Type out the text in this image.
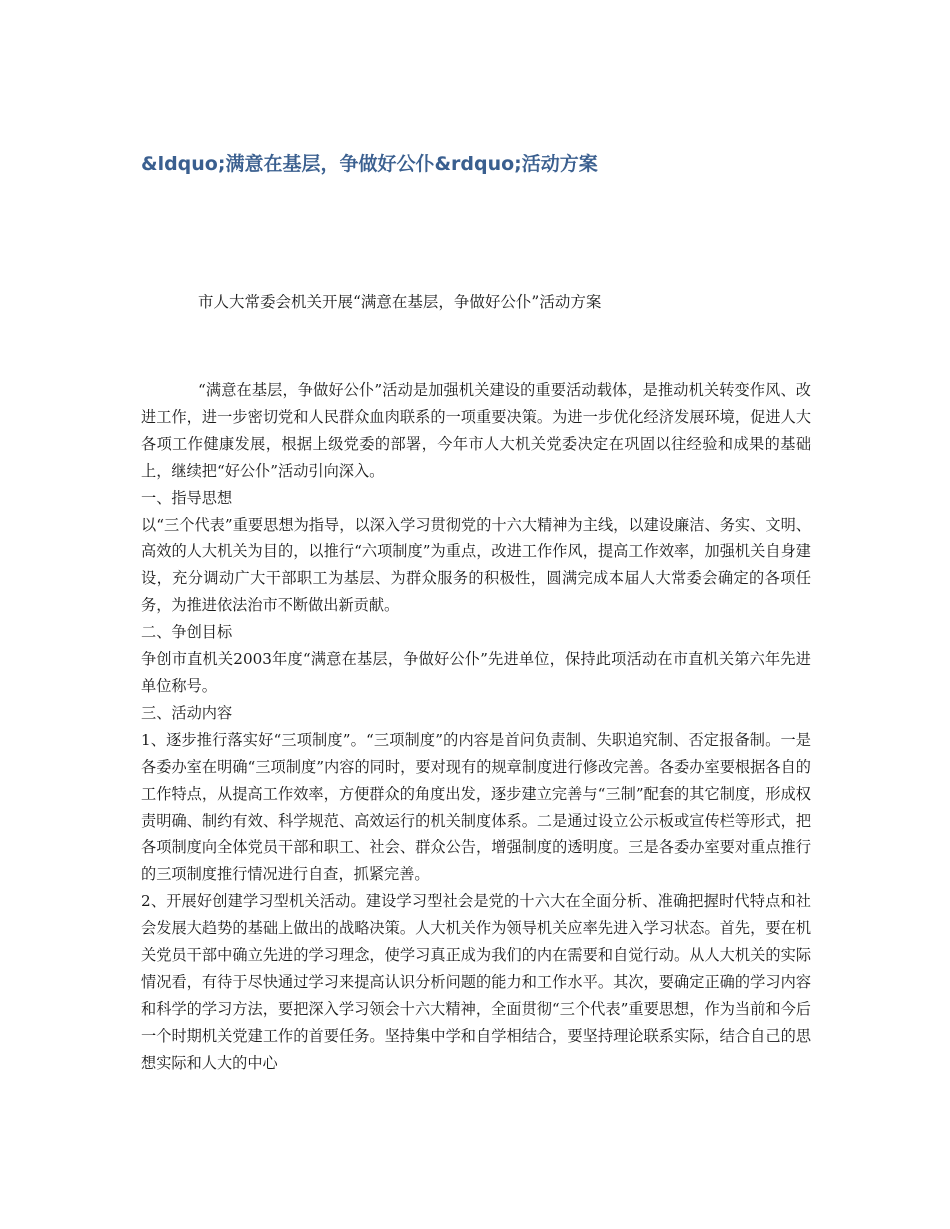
&ldquo;满意在基层，争做好公仆&rdquo;活动方案
市人大常委会机关开展“满意在基层，争做好公仆”活动方案

“满意在基层，争做好公仆”活动是加强机关建设的重要活动载体，是推动机关转变作风、改进工作，进一步密切党和人民群众血肉联系的一项重要决策。为进一步优化经济发展环境，促进人大各项工作健康发展，根据上级党委的部署，今年市人大机关党委决定在巩固以往经验和成果的基础上，继续把“好公仆”活动引向深入。

一、指导思想

以“三个代表”重要思想为指导，以深入学习贯彻党的十六大精神为主线，以建设廉洁、务实、文明、高效的人大机关为目的，以推行“六项制度”为重点，改进工作作风，提高工作效率，加强机关自身建设，充分调动广大干部职工为基层、为群众服务的积极性，圆满完成本届人大常委会确定的各项任务，为推进依法治市不断做出新贡献。

二、争创目标

争创市直机关2003年度“满意在基层，争做好公仆”先进单位，保持此项活动在市直机关第六年先进单位称号。

三、活动内容

1、逐步推行落实好“三项制度”。“三项制度”的内容是首问负责制、失职追究制、否定报备制。一是各委办室在明确“三项制度”内容的同时，要对现有的规章制度进行修改完善。各委办室要根据各自的工作特点，从提高工作效率，方便群众的角度出发，逐步建立完善与“三制”配套的其它制度，形成权责明确、制约有效、科学规范、高效运行的机关制度体系。二是通过设立公示板或宣传栏等形式，把各项制度向全体党员干部和职工、社会、群众公告，增强制度的透明度。三是各委办室要对重点推行的三项制度推行情况进行自查，抓紧完善。

2、开展好创建学习型机关活动。建设学习型社会是党的十六大在全面分析、准确把握时代特点和社会发展大趋势的基础上做出的战略决策。人大机关作为领导机关应率先进入学习状态。首先，要在机关党员干部中确立先进的学习理念，使学习真正成为我们的内在需要和自觉行动。从人大机关的实际情况看，有待于尽快通过学习来提高认识分析问题的能力和工作水平。其次，要确定正确的学习内容和科学的学习方法，要把深入学习领会十六大精神，全面贯彻“三个代表”重要思想，作为当前和今后一个时期机关党建工作的首要任务。坚持集中学和自学相结合，要坚持理论联系实际，结合自己的思想实际和人大的中心
